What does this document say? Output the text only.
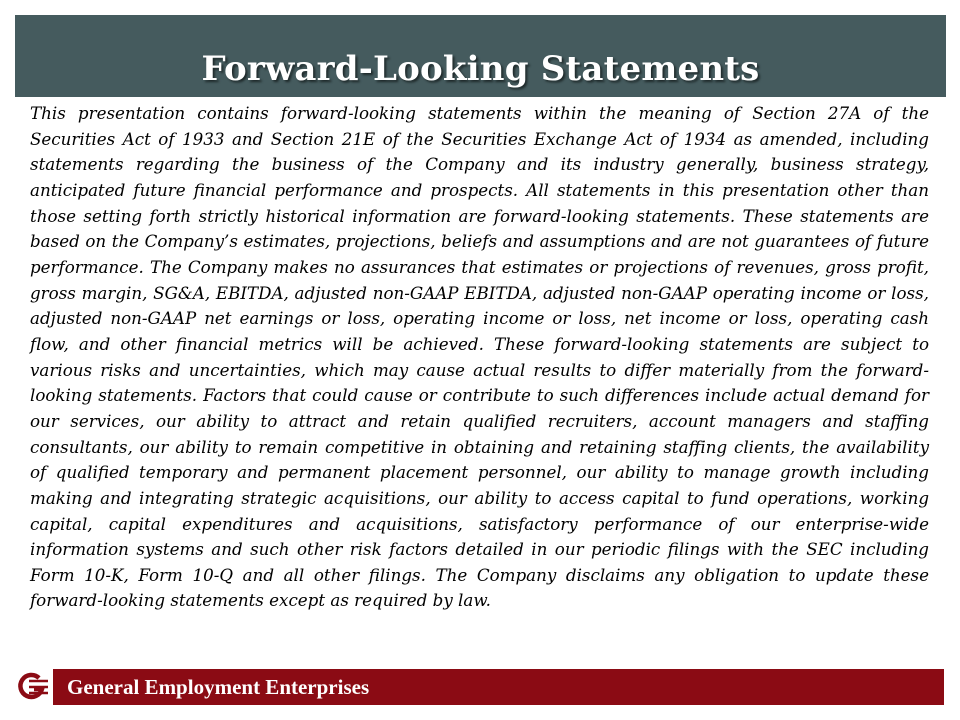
Forward-Looking Statements

This presentation contains forward-looking statements within the meaning of Section 27A of the Securities Act of 1933 and Section 21E of the Securities Exchange Act of 1934 as amended, including statements regarding the business of the Company and its industry generally, business strategy, anticipated future financial performance and prospects. All statements in this presentation other than those setting forth strictly historical information are forward-looking statements. These statements are based on the Company’s estimates, projections, beliefs and assumptions and are not guarantees of future performance. The Company makes no assurances that estimates or projections of revenues, gross profit, gross margin, SG&A, EBITDA, adjusted non-GAAP EBITDA, adjusted non-GAAP operating income or loss, adjusted non-GAAP net earnings or loss, operating income or loss, net income or loss, operating cash flow, and other financial metrics will be achieved. These forward-looking statements are subject to various risks and uncertainties, which may cause actual results to differ materially from the forward-looking statements. Factors that could cause or contribute to such differences include actual demand for our services, our ability to attract and retain qualified recruiters, account managers and staffing consultants, our ability to remain competitive in obtaining and retaining staffing clients, the availability of qualified temporary and permanent placement personnel, our ability to manage growth including making and integrating strategic acquisitions, our ability to access capital to fund operations, working capital, capital expenditures and acquisitions, satisfactory performance of our enterprise-wide information systems and such other risk factors detailed in our periodic filings with the SEC including Form 10-K, Form 10-Q and all other filings. The Company disclaims any obligation to update these forward-looking statements except as required by law.

General Employment Enterprises
